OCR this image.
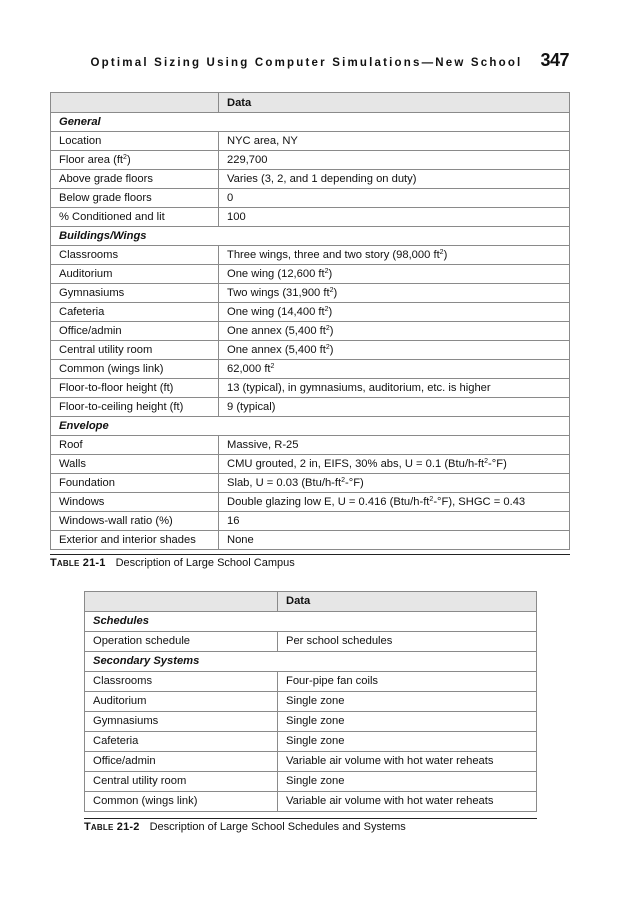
Optimal Sizing Using Computer Simulations—New School 347
	Data
General	
Location	NYC area, NY
Floor area $(ft^2)$	229,700
Above grade floors	Varies (3, 2, and 1 depending on duty)
Below grade floors	0
% Conditioned and lit	100
Buildings/Wings	
Classrooms	Three wings, three and two story (98,000 $ft^2$)
Auditorium	One wing (12,600 $ft^2$)
Gymnasiums	Two wings (31,900 $ft^2$)
Cafeteria	One wing (14,400 $ft^2$)
Office/admin	One annex (5,400 $ft^2$)
Central utility room	One annex (5,400 $ft^2$)
Common (wings link)	62,000 $ft^2$
Floor-to-floor height (ft)	13 (typical), in gymnasiums, auditorium, etc. is higher
Floor-to-ceiling height (ft)	9 (typical)
Envelope	
Roof	Massive, R-25
Walls	CMU grouted, 2 in, EIFS, 30% abs, U = 0.1 $(Btu/h-ft^2-^\circ F)$
Foundation	Slab, U = 0.03 $(Btu/h-ft^2-^\circ F)$
Windows	Double glazing low E, U = 0.416 $(Btu/h-ft^2-^\circ F)$, SHGC = 0.43
Windows-wall ratio (%)	16
Exterior and interior shades	None
Table 21-1 Description of Large School Campus
	Data
Schedules	
Operation schedule	Per school schedules
Secondary Systems	
Classrooms	Four-pipe fan coils
Auditorium	Single zone
Gymnasiums	Single zone
Cafeteria	Single zone
Office/admin	Variable air volume with hot water reheats
Central utility room	Single zone
Common (wings link)	Variable air volume with hot water reheats
Table 21-2 Description of Large School Schedules and Systems
